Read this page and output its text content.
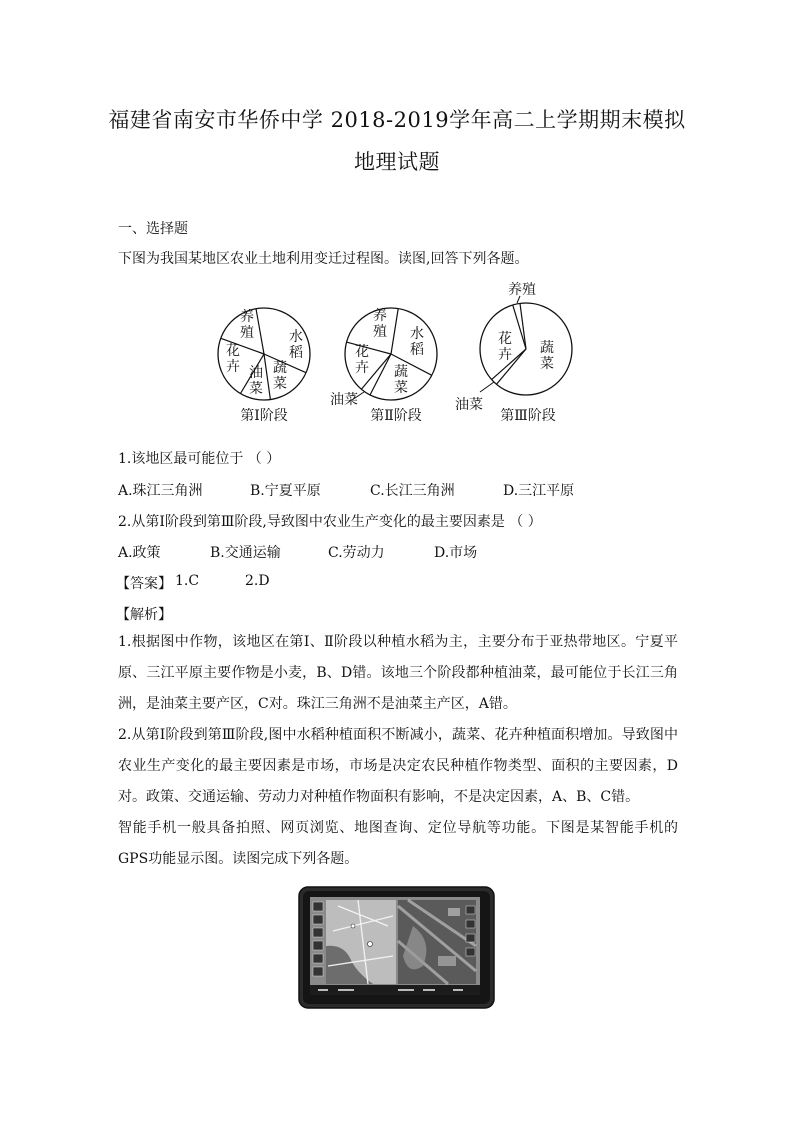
福建省南安市华侨中学 2018-2019学年高二上学期期末模拟
地理试题
一、选择题
下图为我国某地区农业土地利用变迁过程图。读图,回答下列各题。
养
殖	水
稻
花
卉 油
菜
蔬
菜
第Ⅰ阶段
养
殖 水
稻
花
卉 蔬
菜
油菜
第Ⅱ阶段
养殖
花
卉 蔬
菜
油菜
第Ⅲ阶段
1.该地区最可能位于 （ ）
A.珠江三角洲	B.宁夏平原	C.长江三角洲	D.三江平原
2.从第Ⅰ阶段到第Ⅲ阶段,导致图中农业生产变化的最主要因素是 （ ）
A.政策	B.交通运输	C.劳动力	D.市场
【答案】 1.C	2.D
【解析】
1.根据图中作物，该地区在第Ⅰ、Ⅱ阶段以种植水稻为主，主要分布于亚热带地区。宁夏平原、三江平原主要作物是小麦，B、D错。该地三个阶段都种植油菜，最可能位于长江三角洲，是油菜主要产区，C对。珠江三角洲不是油菜主产区，A错。
2.从第Ⅰ阶段到第Ⅲ阶段,图中水稻种植面积不断减小，蔬菜、花卉种植面积增加。导致图中农业生产变化的最主要因素是市场，市场是决定农民种植作物类型、面积的主要因素，D对。政策、交通运输、劳动力对种植作物面积有影响，不是决定因素，A、B、C错。
智能手机一般具备拍照、网页浏览、地图查询、定位导航等功能。下图是某智能手机的GPS功能显示图。读图完成下列各题。
